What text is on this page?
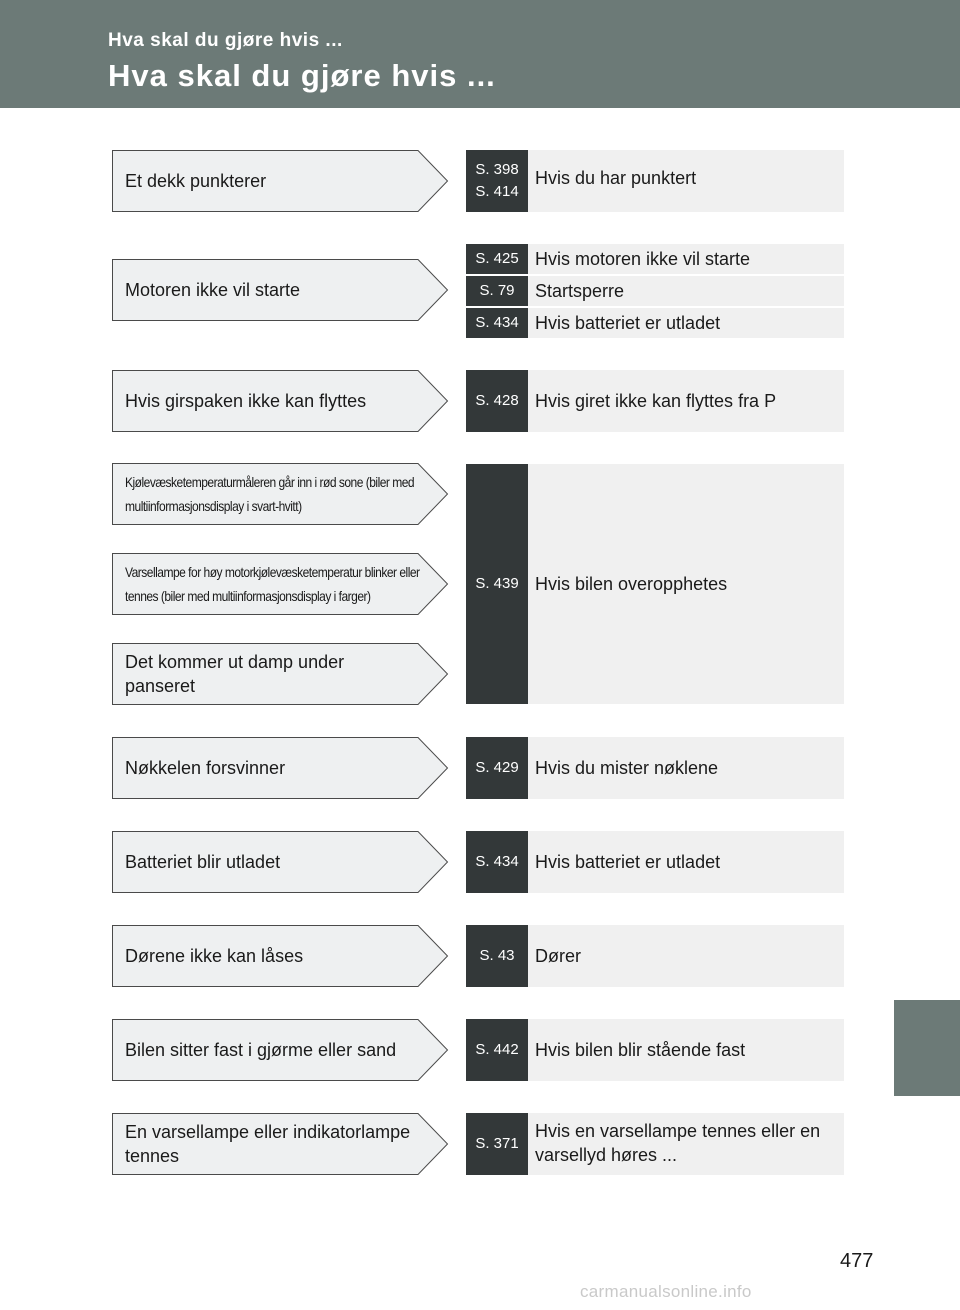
Hva skal du gjøre hvis ...
Hva skal du gjøre hvis ...
Et dekk punkterer
Motoren ikke vil starte
Hvis girspaken ikke kan flyttes
Kjølevæsketemperaturmåleren går inn i rød sone (biler med multiinformasjonsdisplay i svart-hvitt)
Varsellampe for høy motorkjølevæsketemperatur blinker eller tennes (biler med multiinformasjonsdisplay i farger)
Det kommer ut damp under panseret
Nøkkelen forsvinner
Batteriet blir utladet
Dørene ikke kan låses
Bilen sitter fast i gjørme eller sand
En varsellampe eller indikatorlampe tennes
S. 398
S. 414
Hvis du har punktert
S. 425 Hvis motoren ikke vil starte
S. 79	Startsperre
S. 434 Hvis batteriet er utladet
S. 428 Hvis giret ikke kan flyttes fra P
S. 439 Hvis bilen overopphetes
S. 429 Hvis du mister nøklene
S. 434 Hvis batteriet er utladet
S. 43	Dører
S. 442 Hvis bilen blir stående fast
S. 371
Hvis en varsellampe tennes eller en varsellyd høres ...
477
carmanualsonline.info
